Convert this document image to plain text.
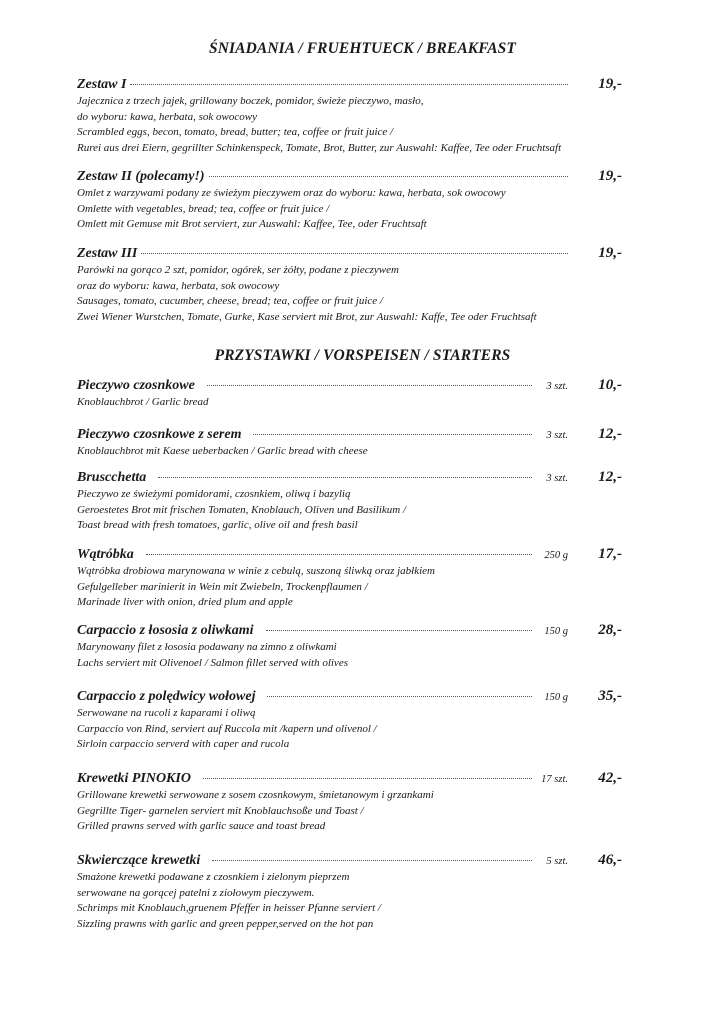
ŚNIADANIA / FRUEHTUECK / BREAKFAST
Zestaw I	19,-
Jajecznica z trzech jajek, grillowany boczek, pomidor, świeże pieczywo, masło,
do wyboru: kawa, herbata, sok owocowy
Scrambled eggs, becon, tomato, bread, butter; tea, coffee or fruit juice /
Rurei aus drei Eiern, gegrillter Schinkenspeck, Tomate, Brot, Butter, zur Auswahl: Kaffee, Tee oder Fruchtsaft
Zestaw II (polecamy!)	19,-
Omlet z warzywami podany ze świeżym pieczywem oraz do wyboru: kawa, herbata, sok owocowy
Omlette with vegetables, bread; tea, coffee or fruit juice /
Omlett mit Gemuse mit Brot serviert, zur Auswahl: Kaffee, Tee, oder Fruchtsaft
Zestaw III	19,-
Parówki na gorąco 2 szt, pomidor, ogórek, ser żółty, podane z pieczywem
oraz do wyboru: kawa, herbata, sok owocowy
Sausages, tomato, cucumber, cheese, bread; tea, coffee or fruit juice /
Zwei Wiener Wurstchen, Tomate, Gurke, Kase serviert mit Brot, zur Auswahl: Kaffe, Tee oder Fruchtsaft
PRZYSTAWKI / VORSPEISEN / STARTERS
Pieczywo czosnkowe	3 szt.	10,-
Knoblauchbrot / Garlic bread
Pieczywo czosnkowe z serem	3 szt.	12,-
Knoblauchbrot mit Kaese ueberbacken / Garlic bread with cheese
Bruscchetta	3 szt.	12,-
Pieczywo ze świeżymi pomidorami, czosnkiem, oliwą i bazylią
Geroestetes Brot mit frischen Tomaten, Knoblauch, Oliven und Basilikum /
Toast bread with fresh tomatoes, garlic, olive oil and fresh basil
Wątróbka	250 g	17,-
Wątróbka drobiowa marynowana w winie z cebulą, suszoną śliwką oraz jabłkiem
Gefulgelleber marinierit in Wein mit Zwiebeln, Trockenpflaumen /
Marinade liver with onion, dried plum and apple
Carpaccio z łososia z oliwkami	150 g	28,-
Marynowany filet z łososia podawany na zimno z oliwkami
Lachs serviert mit Olivenoel / Salmon fillet served with olives
Carpaccio z polędwicy wołowej	150 g	35,-
Serwowane na rucoli z kaparami i oliwą
Carpaccio von Rind, serviert auf Ruccola mit /kapern und olivenol /
Sirloin carpaccio serverd with caper and rucola
Krewetki PINOKIO	17 szt.	42,-
Grillowane krewetki serwowane z sosem czosnkowym, śmietanowym i grzankami
Gegrillte Tiger- garnelen serviert mit Knoblauchsoße und Toast /
Grilled prawns served with garlic sauce and toast bread
Skwierczące krewetki	5 szt.	46,-
Smażone krewetki podawane z czosnkiem i zielonym pieprzem
serwowane na gorącej patelni z ziołowym pieczywem.
Schrimps mit Knoblauch,gruenem Pfeffer in heisser Pfanne serviert /
Sizzling prawns with garlic and green pepper,served on the hot pan
